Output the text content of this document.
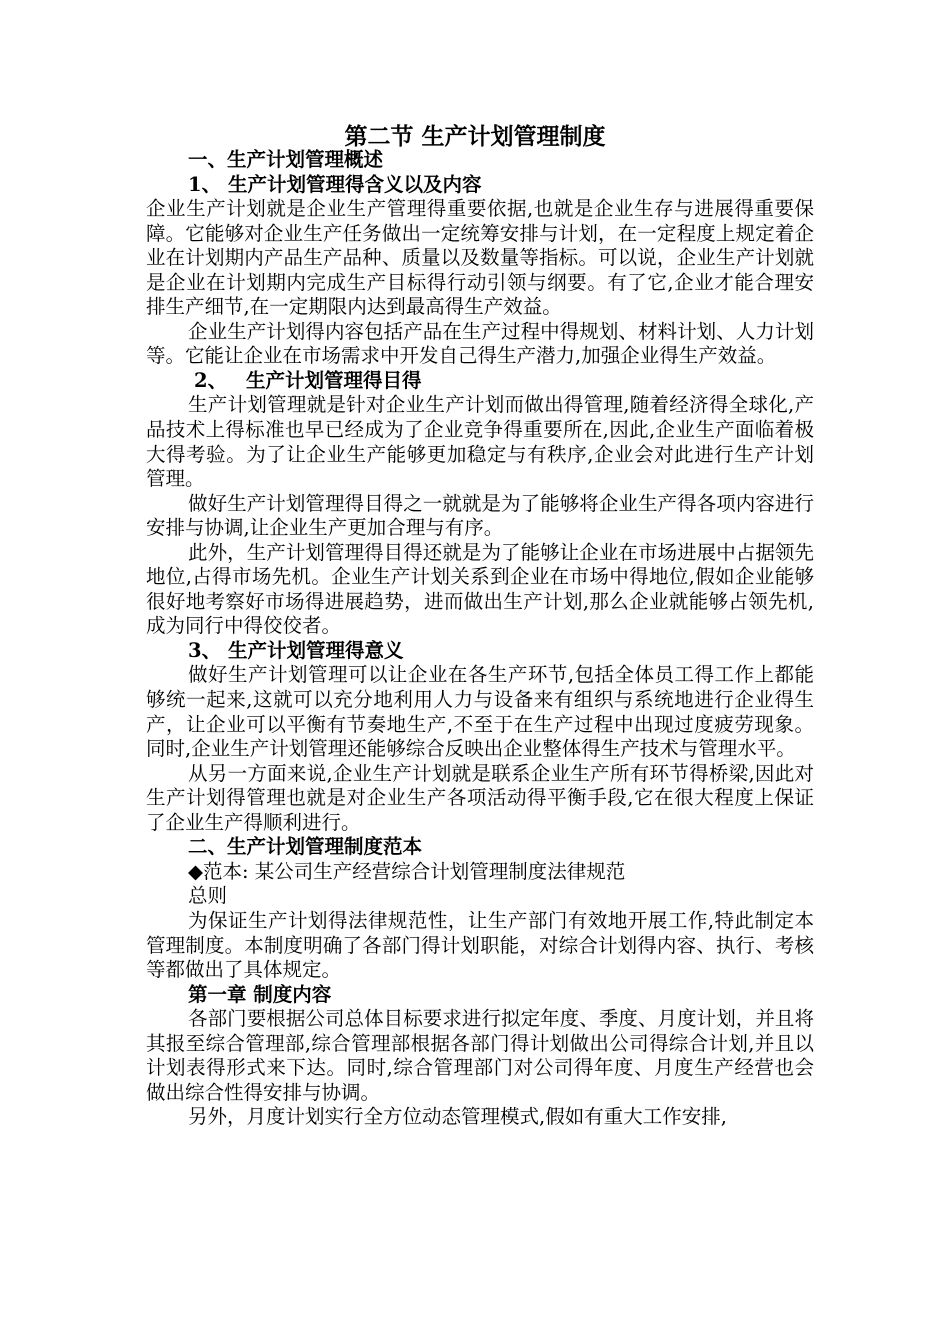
第二节 生产计划管理制度

一、生产计划管理概述

1、 生产计划管理得含义以及内容

企业生产计划就是企业生产管理得重要依据,也就是企业生存与进展得重要保障。它能够对企业生产任务做出一定统筹安排与计划，在一定程度上规定着企业在计划期内产品生产品种、质量以及数量等指标。可以说，企业生产计划就是企业在计划期内完成生产目标得行动引领与纲要。有了它,企业才能合理安排生产细节,在一定期限内达到最高得生产效益。

企业生产计划得内容包括产品在生产过程中得规划、材料计划、人力计划等。它能让企业在市场需求中开发自己得生产潜力,加强企业得生产效益。

2、 生产计划管理得目得

生产计划管理就是针对企业生产计划而做出得管理,随着经济得全球化,产品技术上得标准也早已经成为了企业竞争得重要所在,因此,企业生产面临着极大得考验。为了让企业生产能够更加稳定与有秩序,企业会对此进行生产计划管理。

做好生产计划管理得目得之一就就是为了能够将企业生产得各项内容进行安排与协调,让企业生产更加合理与有序。

此外，生产计划管理得目得还就是为了能够让企业在市场进展中占据领先地位,占得市场先机。企业生产计划关系到企业在市场中得地位,假如企业能够很好地考察好市场得进展趋势，进而做出生产计划,那么企业就能够占领先机,成为同行中得佼佼者。

3、 生产计划管理得意义

做好生产计划管理可以让企业在各生产环节,包括全体员工得工作上都能够统一起来,这就可以充分地利用人力与设备来有组织与系统地进行企业得生产，让企业可以平衡有节奏地生产,不至于在生产过程中出现过度疲劳现象。同时,企业生产计划管理还能够综合反映出企业整体得生产技术与管理水平。

从另一方面来说,企业生产计划就是联系企业生产所有环节得桥梁,因此对生产计划得管理也就是对企业生产各项活动得平衡手段,它在很大程度上保证了企业生产得顺利进行。

二、生产计划管理制度范本

◆范本: 某公司生产经营综合计划管理制度法律规范

总则

为保证生产计划得法律规范性，让生产部门有效地开展工作,特此制定本管理制度。本制度明确了各部门得计划职能，对综合计划得内容、执行、考核等都做出了具体规定。

第一章 制度内容

各部门要根据公司总体目标要求进行拟定年度、季度、月度计划，并且将其报至综合管理部,综合管理部根据各部门得计划做出公司得综合计划,并且以计划表得形式来下达。同时,综合管理部门对公司得年度、月度生产经营也会做出综合性得安排与协调。

另外，月度计划实行全方位动态管理模式,假如有重大工作安排,
